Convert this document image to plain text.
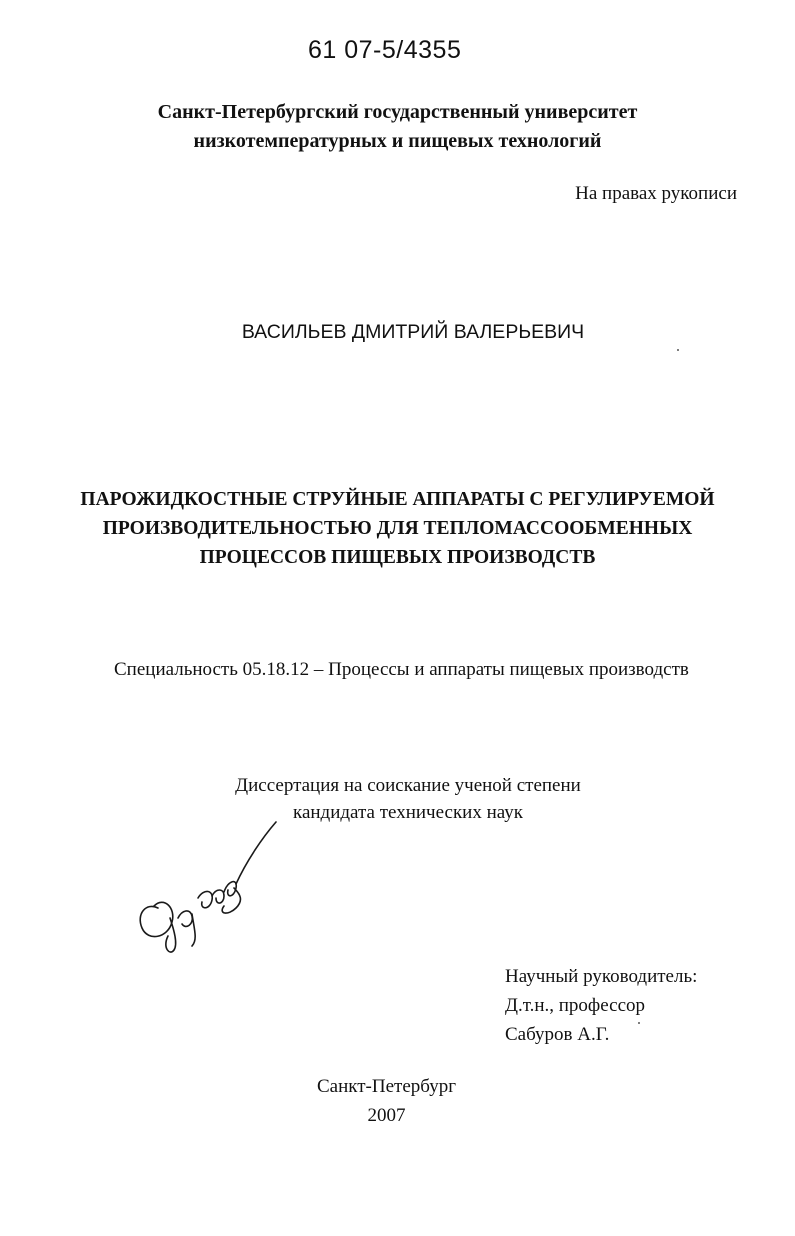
61 07-5/4355
Санкт-Петербургский государственный университет
низкотемпературных и пищевых технологий
На правах рукописи
ВАСИЛЬЕВ ДМИТРИЙ ВАЛЕРЬЕВИЧ
ПАРОЖИДКОСТНЫЕ СТРУЙНЫЕ АППАРАТЫ С РЕГУЛИРУЕМОЙ
ПРОИЗВОДИТЕЛЬНОСТЬЮ ДЛЯ ТЕПЛОМАССООБМЕННЫХ
ПРОЦЕССОВ ПИЩЕВЫХ ПРОИЗВОДСТВ
Специальность 05.18.12 – Процессы и аппараты пищевых производств
Диссертация на соискание ученой степени
кандидата технических наук
Научный руководитель:
Д.т.н., профессор
Сабуров А.Г.
Санкт-Петербург
2007
